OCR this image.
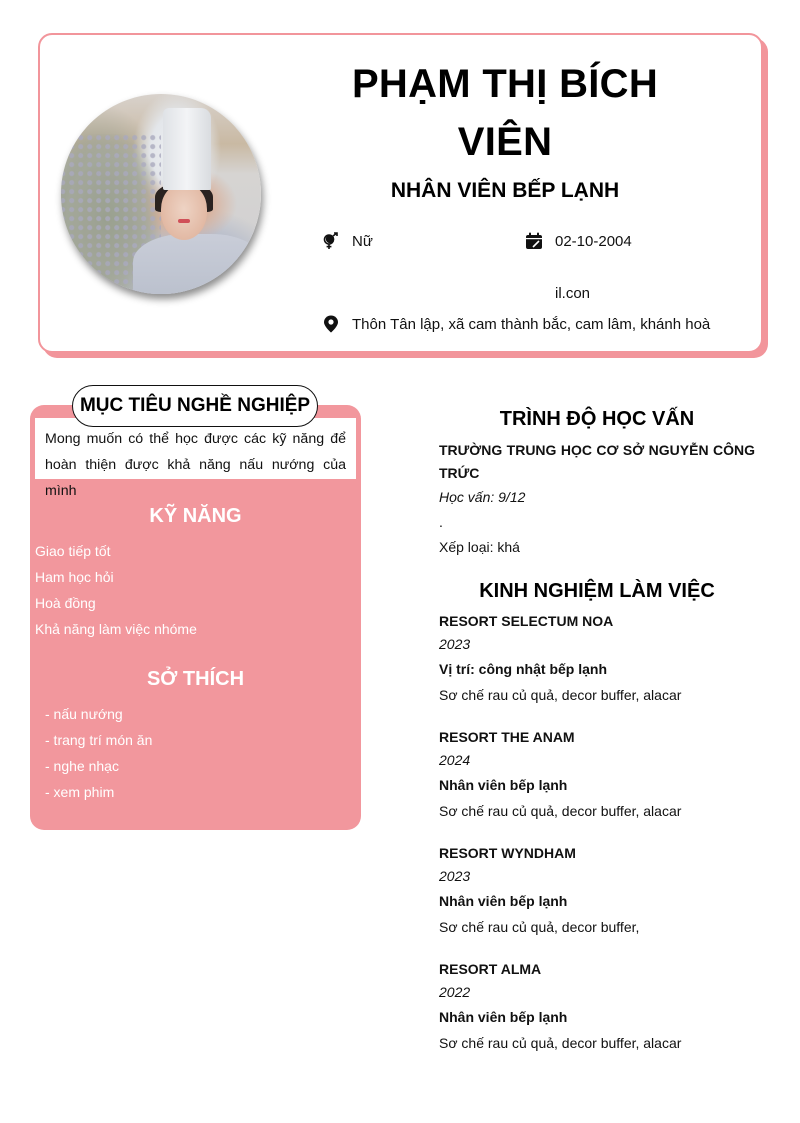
PHẠM THỊ BÍCH VIÊN
NHÂN VIÊN BẾP LẠNH
Nữ	02-10-2004
il.con
Thôn Tân lập, xã cam thành bắc, cam lâm, khánh hoà
MỤC TIÊU NGHỀ NGHIỆP
Mong muốn có thể học được các kỹ năng để hoàn thiện được khả năng nấu nướng của mình
Giao tiếp tốt
Ham học hỏi
Hoà đồng
Khả năng làm việc nhóme
SỞ THÍCH
- nấu nướng
- trang trí món ăn
- nghe nhạc
- xem phim
TRÌNH ĐỘ HỌC VẤN
TRƯỜNG TRUNG HỌC CƠ SỞ NGUYỄN CÔNG TRỨC
Học vấn: 9/12
.
Xếp loại: khá
KINH NGHIỆM LÀM VIỆC
RESORT SELECTUM NOA
2023
Vị trí: công nhật bếp lạnh
Sơ chế rau củ quả, decor buffer, alacar
RESORT THE ANAM
2024
Nhân viên bếp lạnh
Sơ chế rau củ quả, decor buffer, alacar
RESORT WYNDHAM
2023
Nhân viên bếp lạnh
Sơ chế rau củ quả, decor buffer,
RESORT ALMA
2022
Nhân viên bếp lạnh
Sơ chế rau củ quả, decor buffer, alacar
